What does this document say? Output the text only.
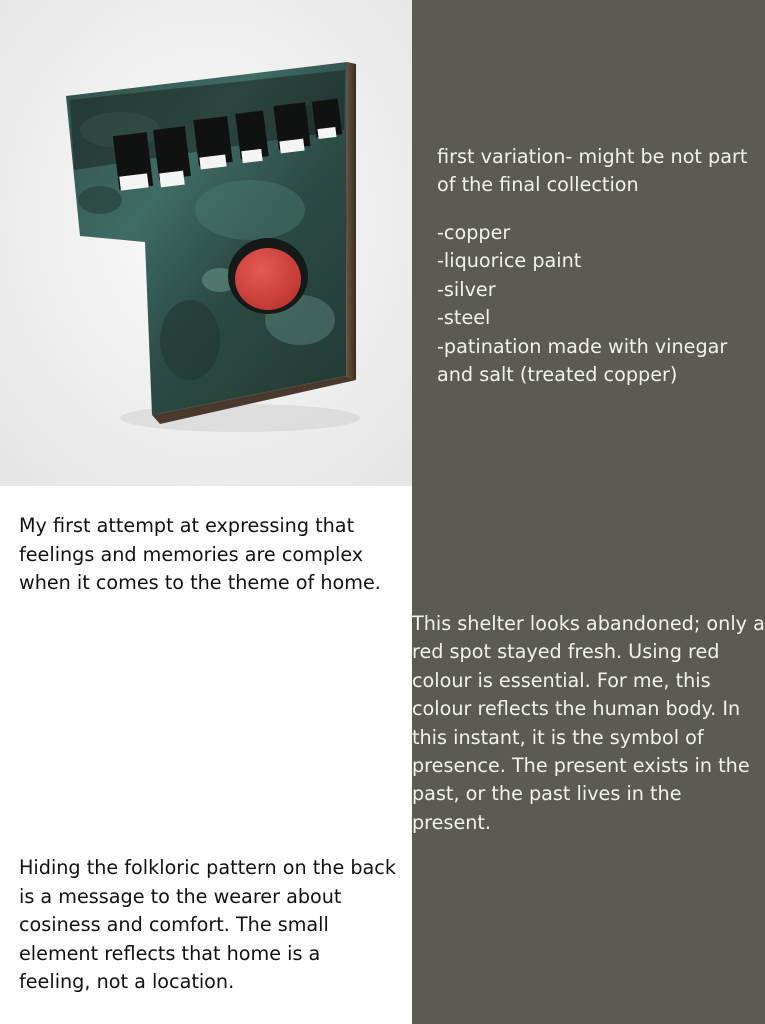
My first attempt at expressing that feelings and memories are complex when it comes to the theme of home.

Hiding the folkloric pattern on the back is a message to the wearer about cosiness and comfort. The small element reflects that home is a feeling, not a location.

first variation- might be not part of the final collection

-copper
-liquorice paint
-silver
-steel
-patination made with vinegar and salt (treated copper)

This shelter looks abandoned; only a red spot stayed fresh. Using red colour is essential. For me, this colour reflects the human body. In this instant, it is the symbol of presence. The present exists in the past, or the past lives in the present.
